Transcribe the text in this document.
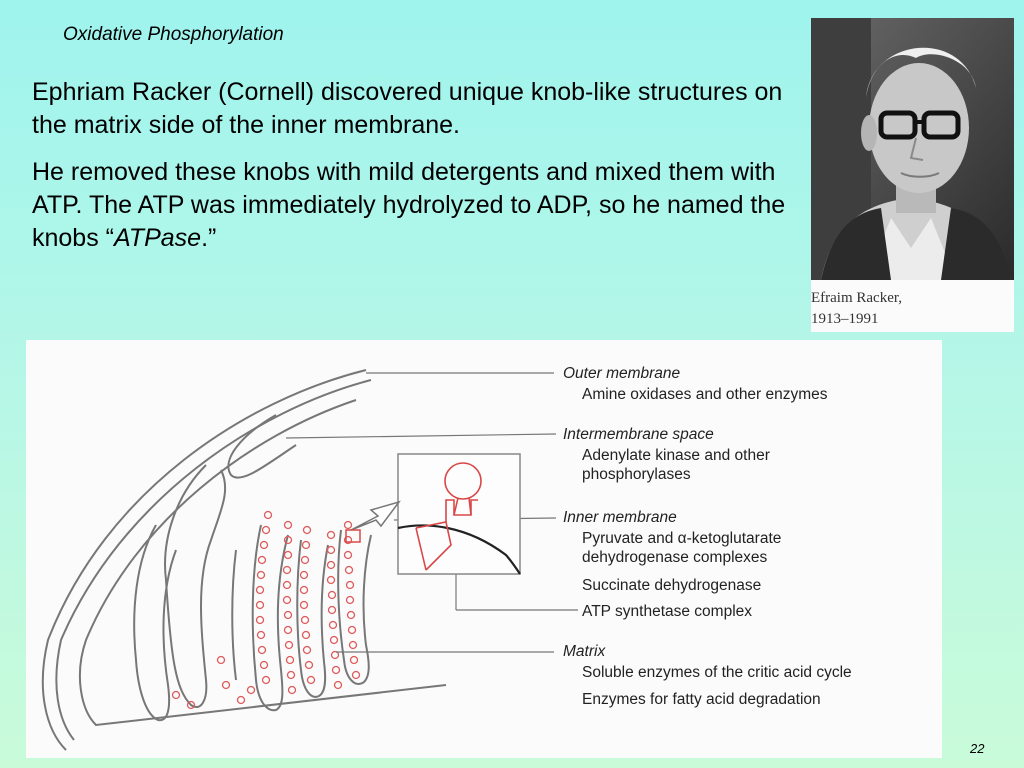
Oxidative Phosphorylation

Ephriam Racker (Cornell) discovered unique knob-like structures on the matrix side of the inner membrane.

He removed these knobs with mild detergents and mixed them with ATP. The ATP was immediately hydrolyzed to ADP, so he named the knobs “ATPase.”

Efraim Racker,
1913–1991
Outer membrane
Amine oxidases and other enzymes
Intermembrane space
Adenylate kinase and other
phosphorylases
Inner membrane
Pyruvate and α-ketoglutarate
dehydrogenase complexes
Succinate dehydrogenase
ATP synthetase complex
Matrix
Soluble enzymes of the critic acid cycle
Enzymes for fatty acid degradation
22
